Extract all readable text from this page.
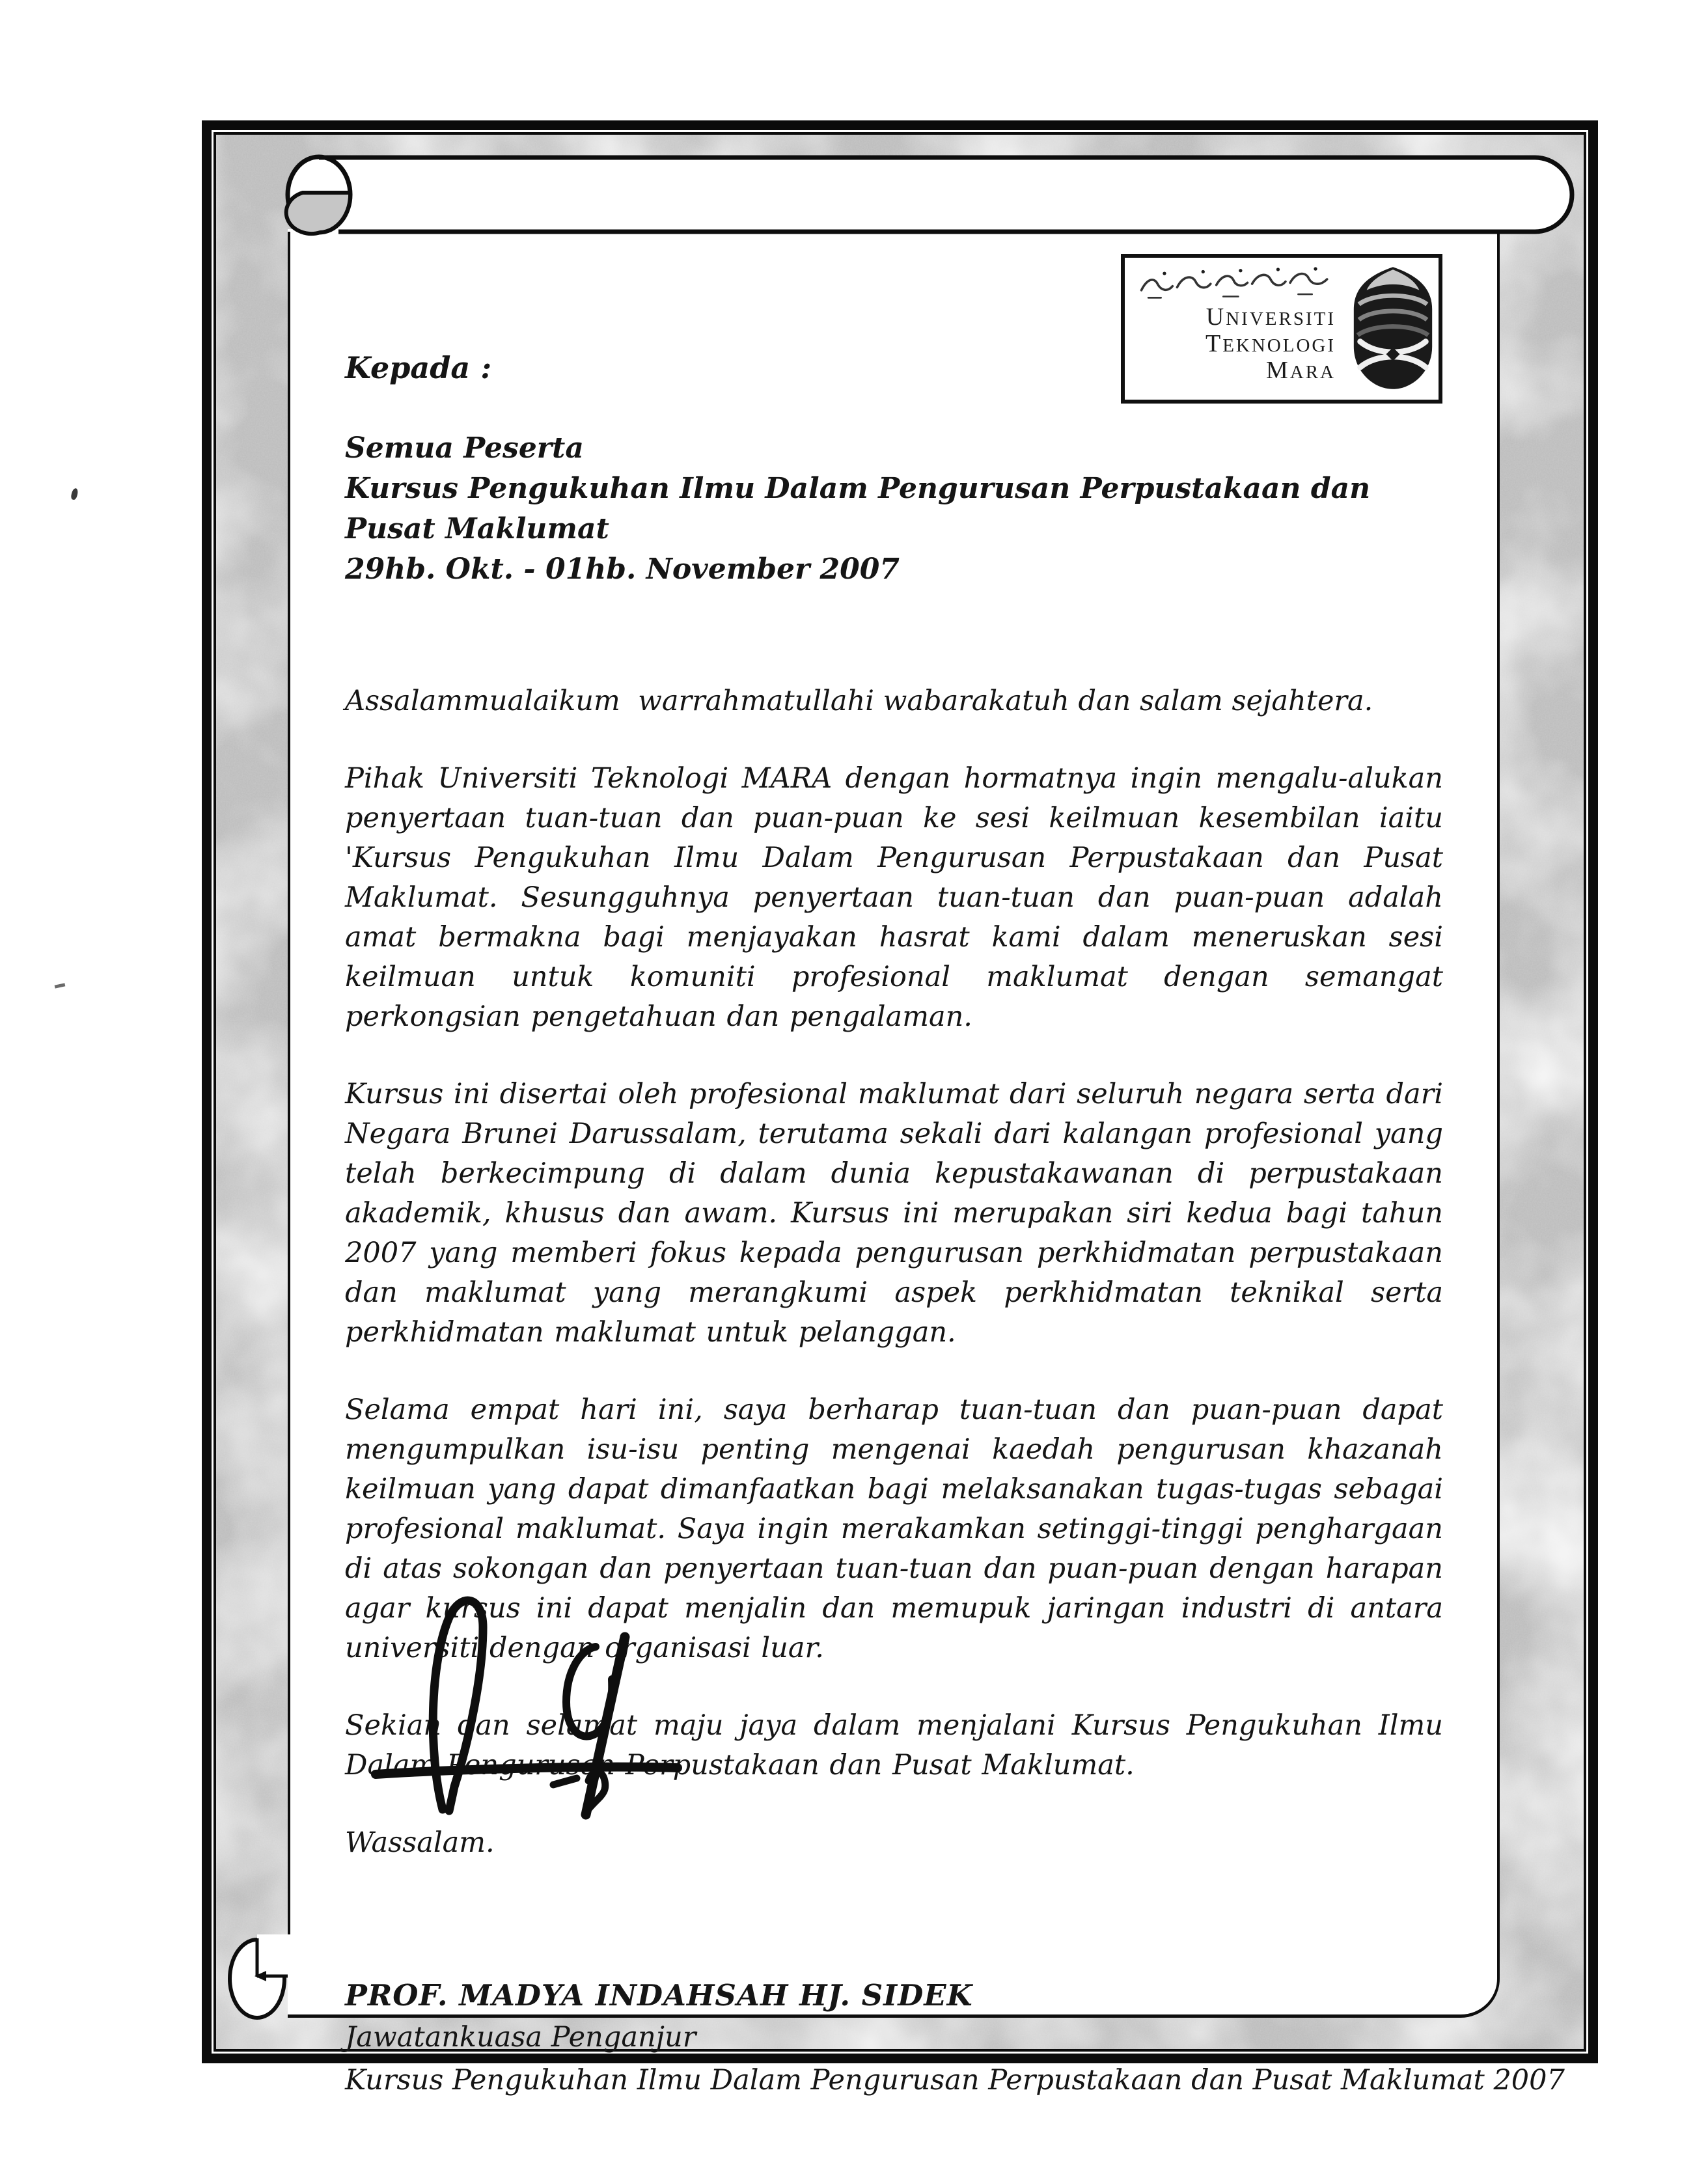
UNIVERSITI
TEKNOLOGI
MARA

Kepada :

Semua Peserta
Kursus Pengukuhan Ilmu Dalam Pengurusan Perpustakaan dan Pusat Maklumat
29hb. Okt. - 01hb. November 2007

Assalammualaikum  warrahmatullahi wabarakatuh dan salam sejahtera.

Pihak Universiti Teknologi MARA dengan hormatnya ingin mengalu-alukan penyertaan tuan-tuan dan puan-puan ke sesi keilmuan kesembilan iaitu 'Kursus Pengukuhan Ilmu Dalam Pengurusan Perpustakaan dan Pusat Maklumat. Sesungguhnya penyertaan tuan-tuan dan puan-puan adalah amat bermakna bagi menjayakan hasrat kami dalam meneruskan sesi keilmuan untuk komuniti profesional maklumat dengan semangat perkongsian pengetahuan dan pengalaman.

Kursus ini disertai oleh profesional maklumat dari seluruh negara serta dari Negara Brunei Darussalam, terutama sekali dari kalangan profesional yang telah berkecimpung di dalam dunia kepustakawanan di perpustakaan akademik, khusus dan awam. Kursus ini merupakan siri kedua bagi tahun 2007 yang memberi fokus kepada pengurusan perkhidmatan perpustakaan dan maklumat yang merangkumi aspek perkhidmatan teknikal serta perkhidmatan maklumat untuk pelanggan.

Selama empat hari ini, saya berharap tuan-tuan dan puan-puan dapat mengumpulkan isu-isu penting mengenai kaedah pengurusan khazanah keilmuan yang dapat dimanfaatkan bagi melaksanakan tugas-tugas sebagai profesional maklumat. Saya ingin merakamkan setinggi-tinggi penghargaan di atas sokongan dan penyertaan tuan-tuan dan puan-puan dengan harapan agar kursus ini dapat menjalin dan memupuk jaringan industri di antara universiti dengan organisasi luar.

Sekian dan selamat maju jaya dalam menjalani Kursus Pengukuhan Ilmu Dalam Pengurusan Perpustakaan dan Pusat Maklumat.

Wassalam.

PROF. MADYA INDAHSAH HJ. SIDEK

Jawatankuasa Penganjur

Kursus Pengukuhan Ilmu Dalam Pengurusan Perpustakaan dan Pusat Maklumat 2007
